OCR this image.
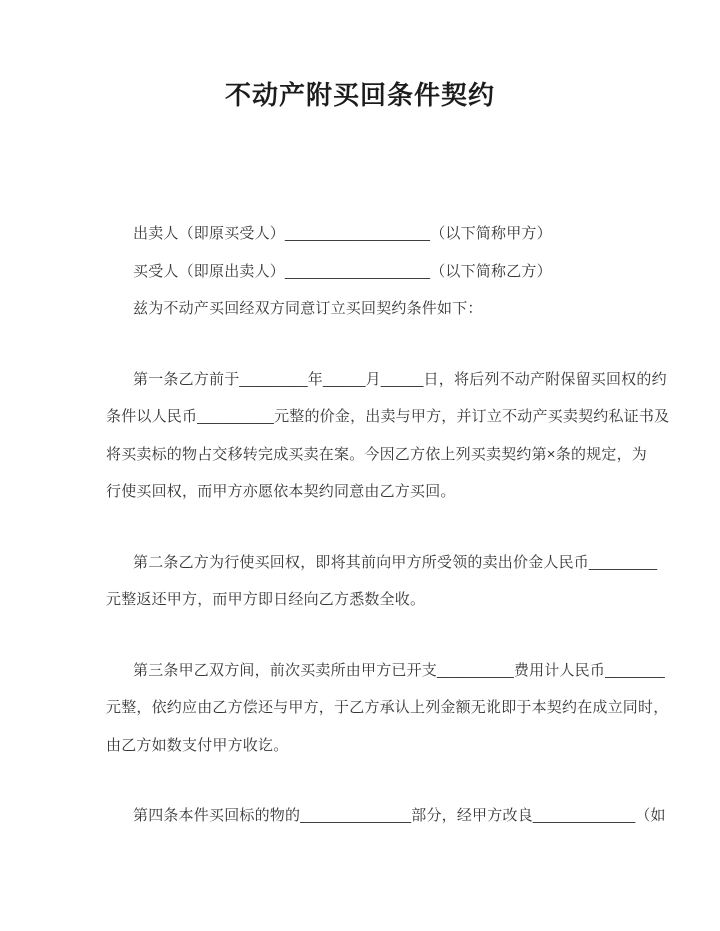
不动产附买回条件契约
出卖人（即原买受人）_________________（以下简称甲方）
买受人（即原出卖人）_________________（以下简称乙方）
兹为不动产买回经双方同意订立买回契约条件如下：
第一条乙方前于________年_____月_____日，将后列不动产附保留买回权的约
条件以人民币_________元整的价金，出卖与甲方，并订立不动产买卖契约私证书及
将买卖标的物占交移转完成买卖在案。今因乙方依上列买卖契约第×条的规定，为
行使买回权，而甲方亦愿依本契约同意由乙方买回。
第二条乙方为行使买回权，即将其前向甲方所受领的卖出价金人民币________
元整返还甲方，而甲方即日经向乙方悉数全收。
第三条甲乙双方间，前次买卖所由甲方已开支_________费用计人民币_______
元整，依约应由乙方偿还与甲方，于乙方承认上列金额无讹即于本契约在成立同时，
由乙方如数支付甲方收讫。
第四条本件买回标的物的_____________部分，经甲方改良____________（如
